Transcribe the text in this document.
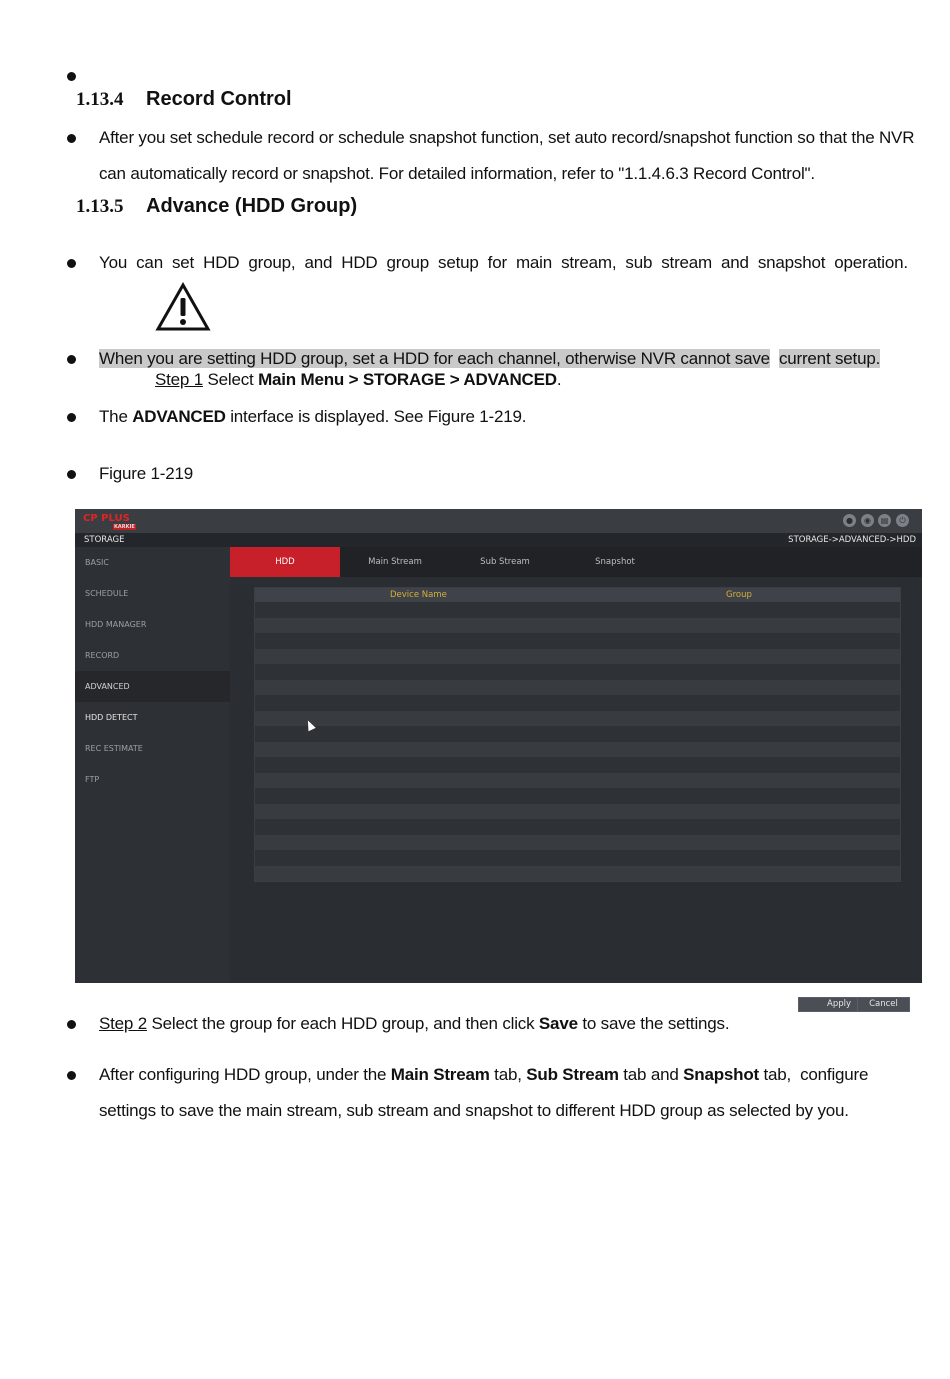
1.13.4 Record Control
After you set schedule record or schedule snapshot function, set auto record/snapshot function so that the NVR
can automatically record or snapshot. For detailed information, refer to "1.1.4.6.3 Record Control".
1.13.5 Advance (HDD Group)
You  can  set  HDD  group,  and  HDD  group  setup  for  main  stream,  sub  stream  and  snapshot  operation.
When you are setting HDD group, set a HDD for each channel, otherwise NVR cannot save current setup.
Step 1 Select Main Menu > STORAGE > ADVANCED.
The ADVANCED interface is displayed. See Figure 1-219.
Figure 1-219
CP PLUS
KARKIE
●	◉	▤	⏻
STORAGE	STORAGE->ADVANCED->HDD
BASIC
SCHEDULE
HDD MANAGER
RECORD
ADVANCED
HDD DETECT
REC ESTIMATE
FTP
HDD	Main Stream	Sub Stream	Snapshot
Device Name	Group
Apply	Cancel
Step 2 Select the group for each HDD group, and then click Save to save the settings.
After configuring HDD group, under the Main Stream tab, Sub Stream tab and Snapshot tab,  configure
settings to save the main stream, sub stream and snapshot to different HDD group as selected by you.
